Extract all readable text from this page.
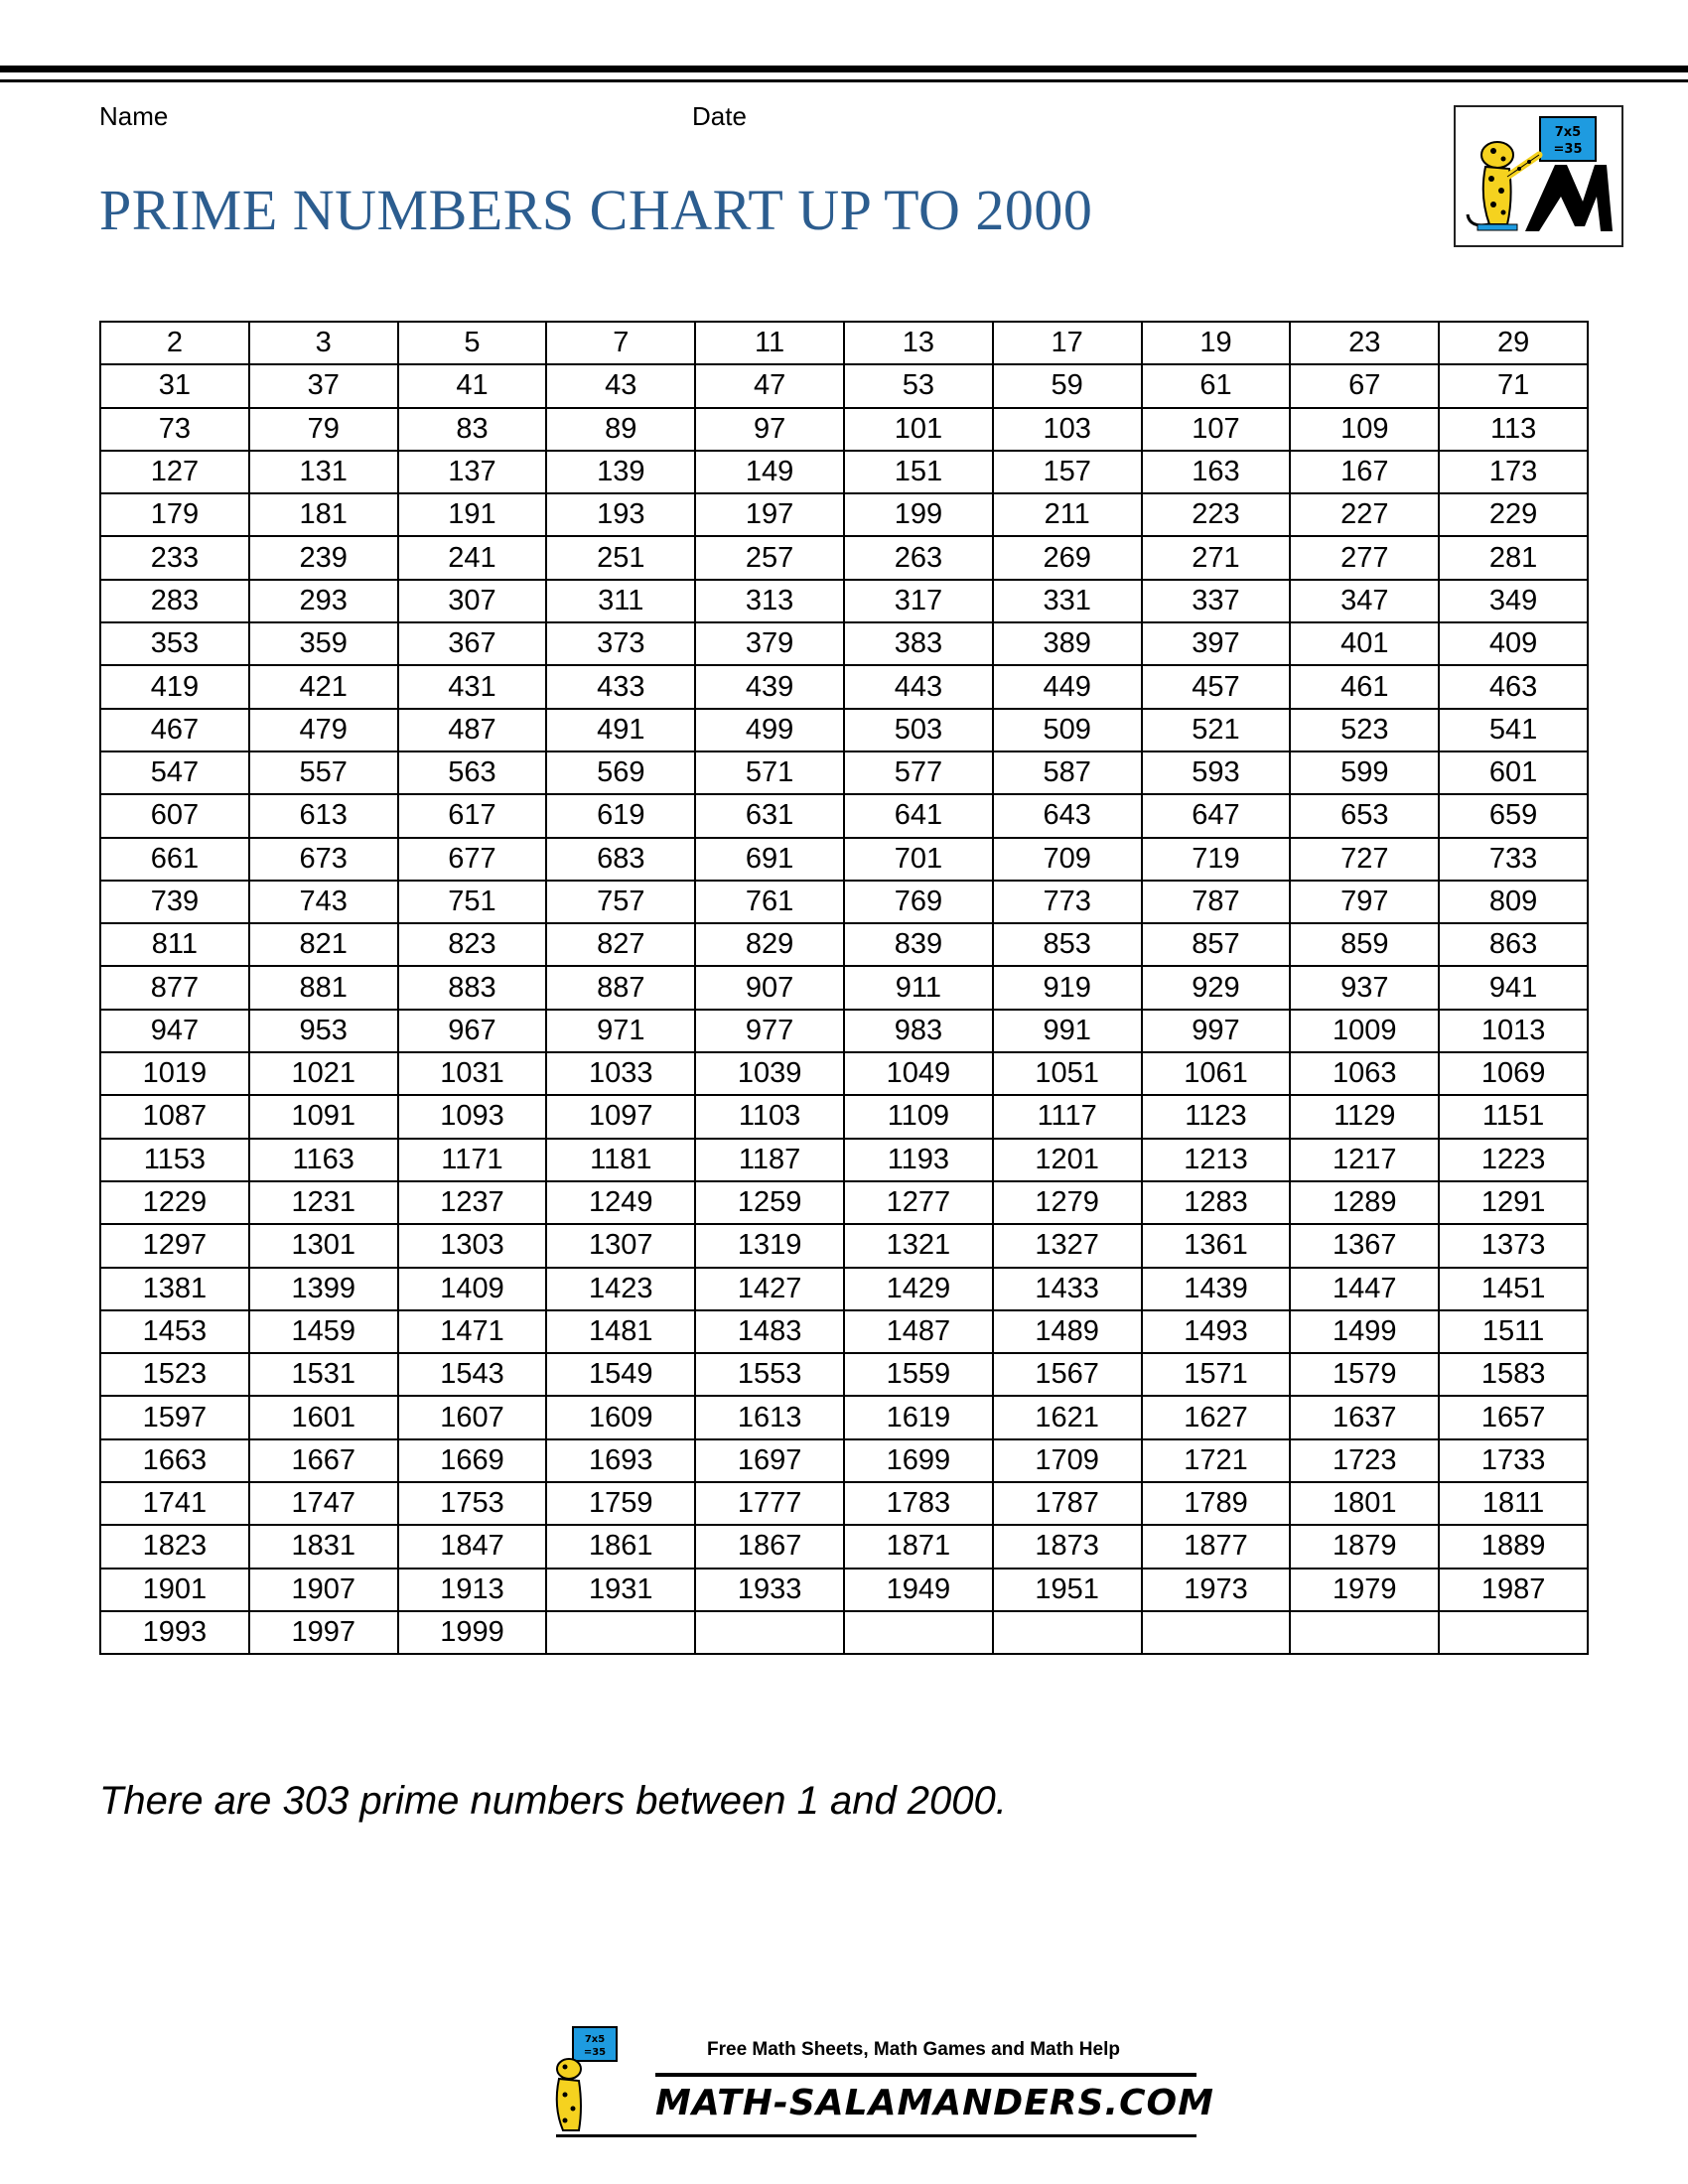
Name	Date
PRIME NUMBERS CHART UP TO 2000
7x5
=35
2	3	5	7	11	13	17	19	23	29
31	37	41	43	47	53	59	61	67	71
73	79	83	89	97	101	103	107	109	113
127	131	137	139	149	151	157	163	167	173
179	181	191	193	197	199	211	223	227	229
233	239	241	251	257	263	269	271	277	281
283	293	307	311	313	317	331	337	347	349
353	359	367	373	379	383	389	397	401	409
419	421	431	433	439	443	449	457	461	463
467	479	487	491	499	503	509	521	523	541
547	557	563	569	571	577	587	593	599	601
607	613	617	619	631	641	643	647	653	659
661	673	677	683	691	701	709	719	727	733
739	743	751	757	761	769	773	787	797	809
811	821	823	827	829	839	853	857	859	863
877	881	883	887	907	911	919	929	937	941
947	953	967	971	977	983	991	997	1009	1013
1019	1021	1031	1033	1039	1049	1051	1061	1063	1069
1087	1091	1093	1097	1103	1109	1117	1123	1129	1151
1153	1163	1171	1181	1187	1193	1201	1213	1217	1223
1229	1231	1237	1249	1259	1277	1279	1283	1289	1291
1297	1301	1303	1307	1319	1321	1327	1361	1367	1373
1381	1399	1409	1423	1427	1429	1433	1439	1447	1451
1453	1459	1471	1481	1483	1487	1489	1493	1499	1511
1523	1531	1543	1549	1553	1559	1567	1571	1579	1583
1597	1601	1607	1609	1613	1619	1621	1627	1637	1657
1663	1667	1669	1693	1697	1699	1709	1721	1723	1733
1741	1747	1753	1759	1777	1783	1787	1789	1801	1811
1823	1831	1847	1861	1867	1871	1873	1877	1879	1889
1901	1907	1913	1931	1933	1949	1951	1973	1979	1987
1993	1997	1999							
There are 303 prime numbers between 1 and 2000.
7x5
=35	Free Math Sheets, Math Games and Math Help
MATH-SALAMANDERS.COM
